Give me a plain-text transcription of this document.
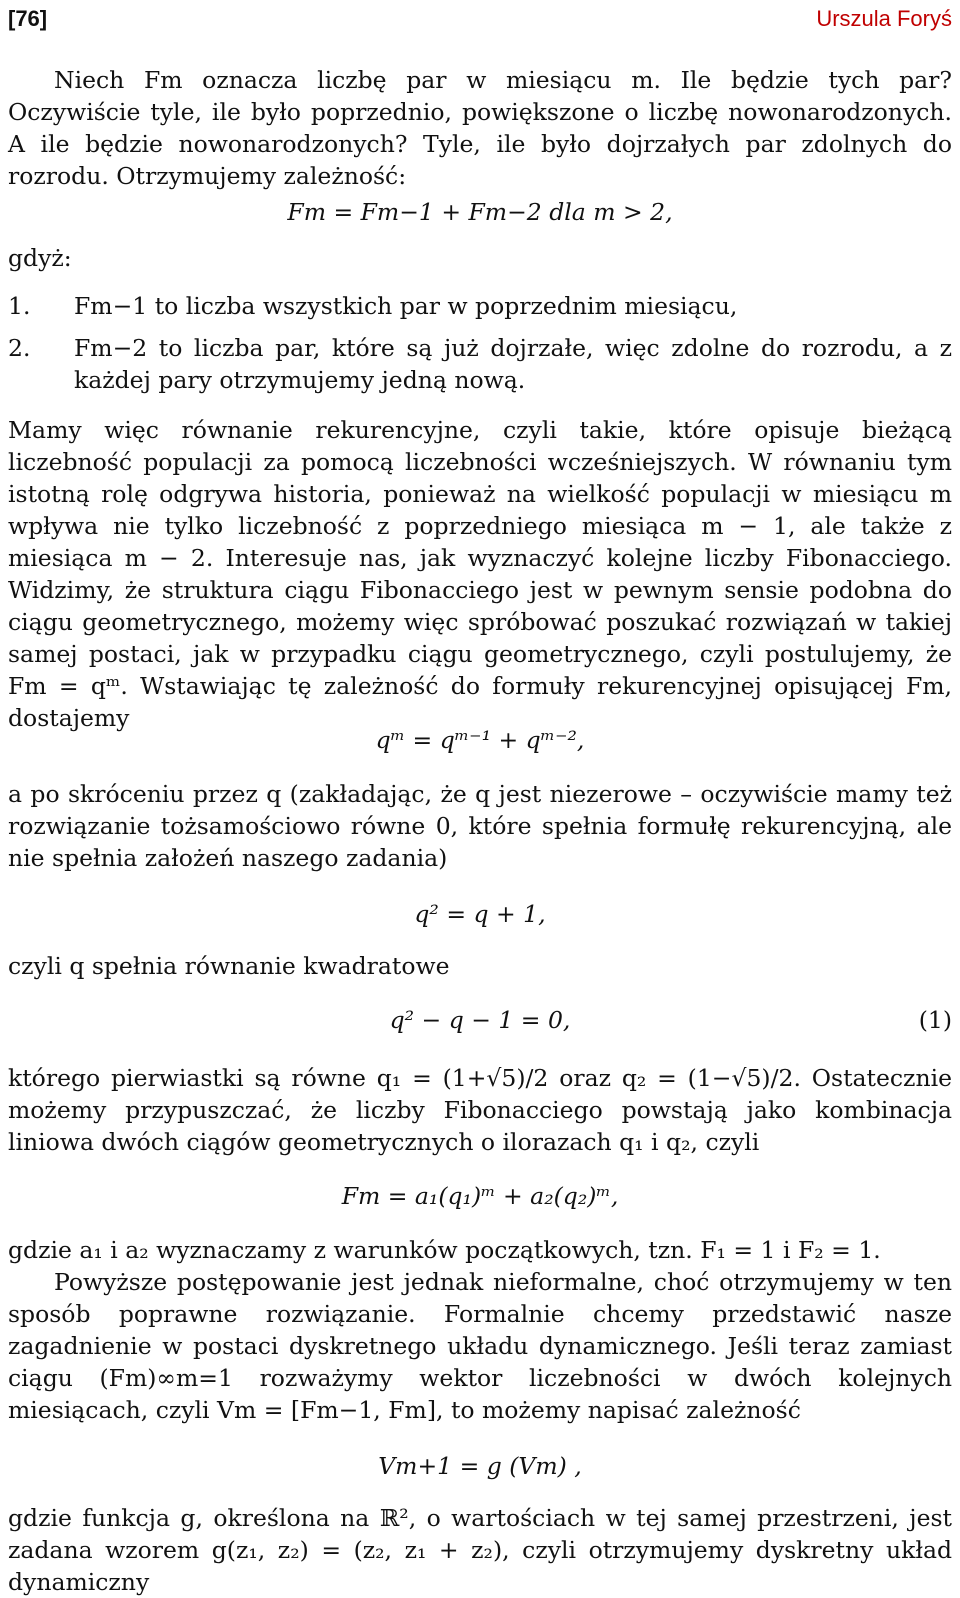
[76]	Urszula Foryś
Niech Fm oznacza liczbę par w miesiącu m. Ile będzie tych par? Oczywiście tyle, ile było poprzednio, powiększone o liczbę nowonarodzonych. A ile będzie nowonarodzonych? Tyle, ile było dojrzałych par zdolnych do rozrodu. Otrzymujemy zależność:
Fm = Fm−1 + Fm−2 dla m > 2,
gdyż:
1. Fm−1 to liczba wszystkich par w poprzednim miesiącu,
2. Fm−2 to liczba par, które są już dojrzałe, więc zdolne do rozrodu, a z każdej pary otrzymujemy jedną nową.
Mamy więc równanie rekurencyjne, czyli takie, które opisuje bieżącą liczebność populacji za pomocą liczebności wcześniejszych. W równaniu tym istotną rolę odgrywa historia, ponieważ na wielkość populacji w miesiącu m wpływa nie tylko liczebność z poprzedniego miesiąca m − 1, ale także z miesiąca m − 2. Interesuje nas, jak wyznaczyć kolejne liczby Fibonacciego. Widzimy, że struktura ciągu Fibonacciego jest w pewnym sensie podobna do ciągu geometrycznego, możemy więc spróbować poszukać rozwiązań w takiej samej postaci, jak w przypadku ciągu geometrycznego, czyli postulujemy, że Fm = qᵐ. Wstawiając tę zależność do formuły rekurencyjnej opisującej Fm, dostajemy
qᵐ = qᵐ⁻¹ + qᵐ⁻²,
a po skróceniu przez q (zakładając, że q jest niezerowe – oczywiście mamy też rozwiązanie tożsamościowo równe 0, które spełnia formułę rekurencyjną, ale nie spełnia założeń naszego zadania)
q² = q + 1,
czyli q spełnia równanie kwadratowe
q² − q − 1 = 0,	(1)
którego pierwiastki są równe q₁ = (1+√5)/2 oraz q₂ = (1−√5)/2. Ostatecznie możemy przypuszczać, że liczby Fibonacciego powstają jako kombinacja liniowa dwóch ciągów geometrycznych o ilorazach q₁ i q₂, czyli
Fm = a₁(q₁)ᵐ + a₂(q₂)ᵐ,
gdzie a₁ i a₂ wyznaczamy z warunków początkowych, tzn. F₁ = 1 i F₂ = 1.
Powyższe postępowanie jest jednak nieformalne, choć otrzymujemy w ten sposób poprawne rozwiązanie. Formalnie chcemy przedstawić nasze zagadnienie w postaci dyskretnego układu dynamicznego. Jeśli teraz zamiast ciągu (Fm)∞m=1 rozważymy wektor liczebności w dwóch kolejnych miesiącach, czyli Vm = [Fm−1, Fm], to możemy napisać zależność
Vm+1 = g (Vm) ,
gdzie funkcja g, określona na ℝ², o wartościach w tej samej przestrzeni, jest zadana wzorem g(z₁, z₂) = (z₂, z₁ + z₂), czyli otrzymujemy dyskretny układ dynamiczny
